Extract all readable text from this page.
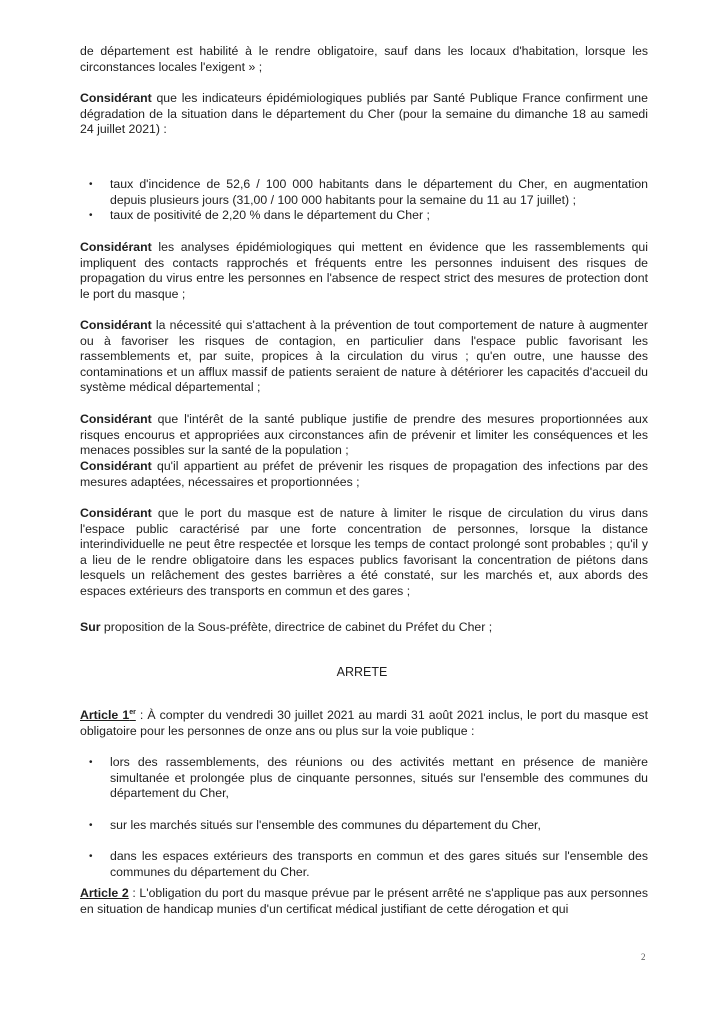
de département est habilité à le rendre obligatoire, sauf dans les locaux d'habitation, lorsque les circonstances locales l'exigent » ;

Considérant que les indicateurs épidémiologiques publiés par Santé Publique France confirment une dégradation de la situation dans le département du Cher (pour la semaine du dimanche 18 au samedi 24 juillet 2021) :

• taux d'incidence de 52,6 / 100 000 habitants dans le département du Cher, en augmentation depuis plusieurs jours (31,00 / 100 000 habitants pour la semaine du 11 au 17 juillet) ;
• taux de positivité de 2,20 % dans le département du Cher ;

Considérant les analyses épidémiologiques qui mettent en évidence que les rassemblements qui impliquent des contacts rapprochés et fréquents entre les personnes induisent des risques de propagation du virus entre les personnes en l'absence de respect strict des mesures de protection dont le port du masque ;

Considérant la nécessité qui s'attachent à la prévention de tout comportement de nature à augmenter ou à favoriser les risques de contagion, en particulier dans l'espace public favorisant les rassemblements et, par suite, propices à la circulation du virus ; qu'en outre, une hausse des contaminations et un afflux massif de patients seraient de nature à détériorer les capacités d'accueil du système médical départemental ;

Considérant que l'intérêt de la santé publique justifie de prendre des mesures proportionnées aux risques encourus et appropriées aux circonstances afin de prévenir et limiter les conséquences et les menaces possibles sur la santé de la population ;

Considérant qu'il appartient au préfet de prévenir les risques de propagation des infections par des mesures adaptées, nécessaires et proportionnées ;

Considérant que le port du masque est de nature à limiter le risque de circulation du virus dans l'espace public caractérisé par une forte concentration de personnes, lorsque la distance interindividuelle ne peut être respectée et lorsque les temps de contact prolongé sont probables ; qu'il y a lieu de le rendre obligatoire dans les espaces publics favorisant la concentration de piétons dans lesquels un relâchement des gestes barrières a été constaté, sur les marchés et, aux abords des espaces extérieurs des transports en commun et des gares ;

Sur proposition de la Sous-préfète, directrice de cabinet du Préfet du Cher ;

ARRETE

Article 1er : À compter du vendredi 30 juillet 2021 au mardi 31 août 2021 inclus, le port du masque est obligatoire pour les personnes de onze ans ou plus sur la voie publique :

• lors des rassemblements, des réunions ou des activités mettant en présence de manière simultanée et prolongée plus de cinquante personnes, situés sur l'ensemble des communes du département du Cher,
• sur les marchés situés sur l'ensemble des communes du département du Cher,
• dans les espaces extérieurs des transports en commun et des gares situés sur l'ensemble des communes du département du Cher.

Article 2 : L'obligation du port du masque prévue par le présent arrêté ne s'applique pas aux personnes en situation de handicap munies d'un certificat médical justifiant de cette dérogation et qui

2
